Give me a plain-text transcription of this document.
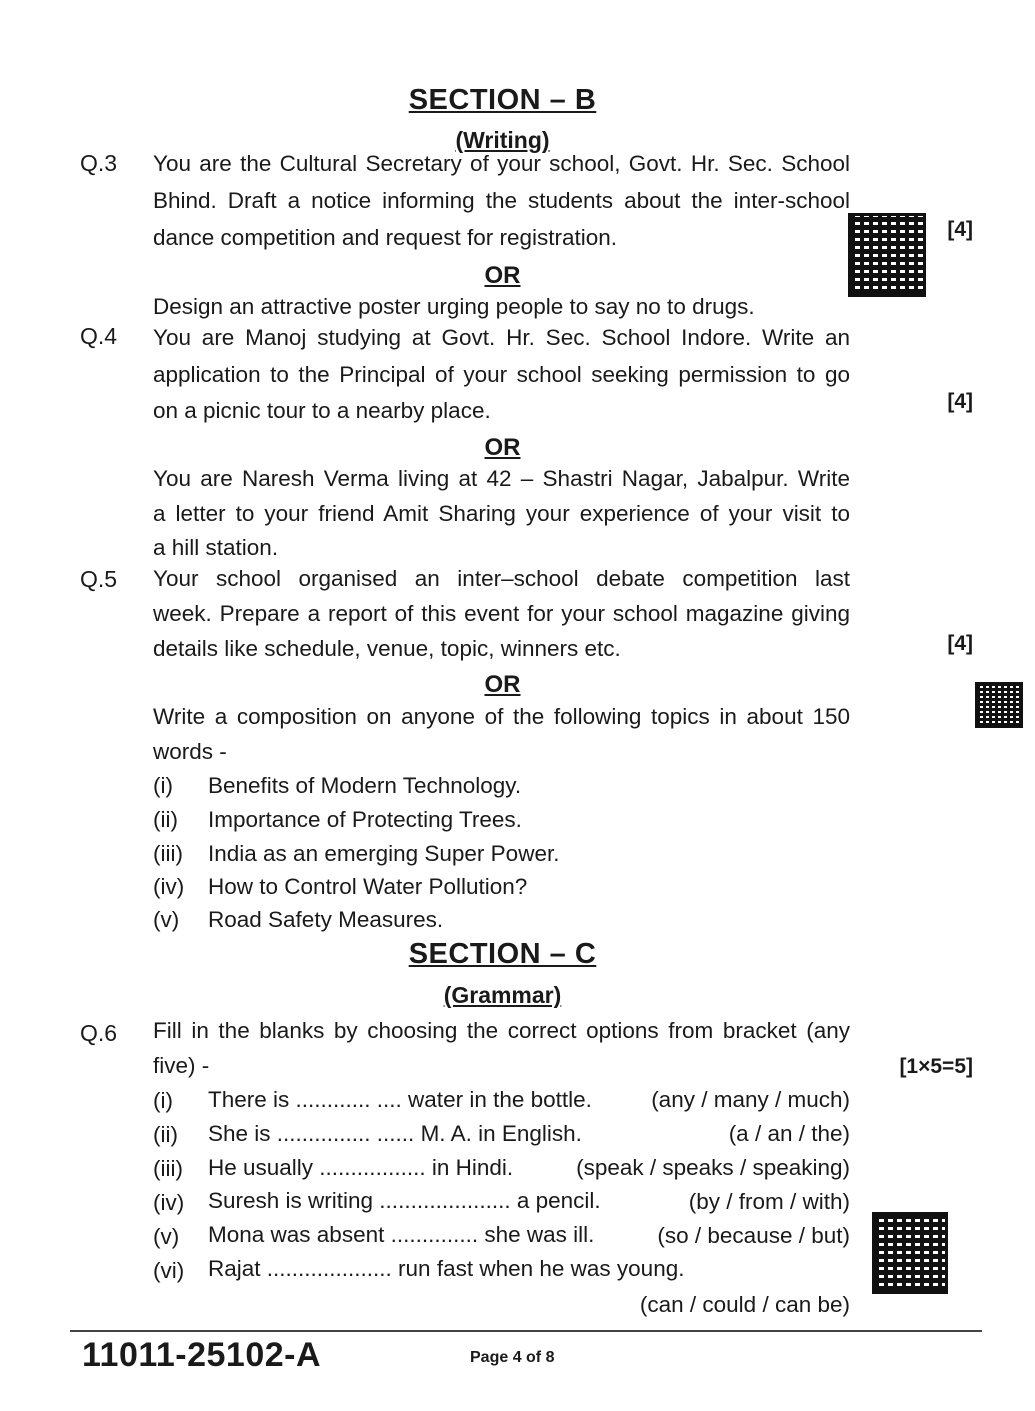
SECTION – B
(Writing)
Q.3 You are the Cultural Secretary of your school, Govt. Hr. Sec. School
Bhind. Draft a notice informing the students about the inter-school
dance competition and request for registration.	[4]
OR
Design an attractive poster urging people to say no to drugs.
Q.4 You are Manoj studying at Govt. Hr. Sec. School Indore. Write an
application to the Principal of your school seeking permission to go
on a picnic tour to a nearby place.	[4]
OR
You are Naresh Verma living at 42 – Shastri Nagar, Jabalpur. Write
a letter to your friend Amit Sharing your experience of your visit to
a hill station.
Q.5 Your school organised an inter–school debate competition last
week. Prepare a report of this event for your school magazine giving
details like schedule, venue, topic, winners etc.	[4]
OR
Write a composition on anyone of the following topics in about 150
words -
(i)	Benefits of Modern Technology.
(ii)	Importance of Protecting Trees.
(iii)	India as an emerging Super Power.
(iv)	How to Control Water Pollution?
(v)	Road Safety Measures.
SECTION – C
(Grammar)
Q.6 Fill in the blanks by choosing the correct options from bracket (any
five) -	[1×5=5]
(i)	There is ............ .... water in the bottle.	(any / many / much)
(ii)	She is ............... ...... M. A. in English.	(a / an / the)
(iii)	He usually ................. in Hindi.	(speak / speaks / speaking)
(iv)	Suresh is writing ..................... a pencil.	(by / from / with)
(v)	Mona was absent .............. she was ill.	(so / because / but)
(vi)	Rajat .................... run fast when he was young.
(can / could / can be)
11011-25102-A	Page 4 of 8
